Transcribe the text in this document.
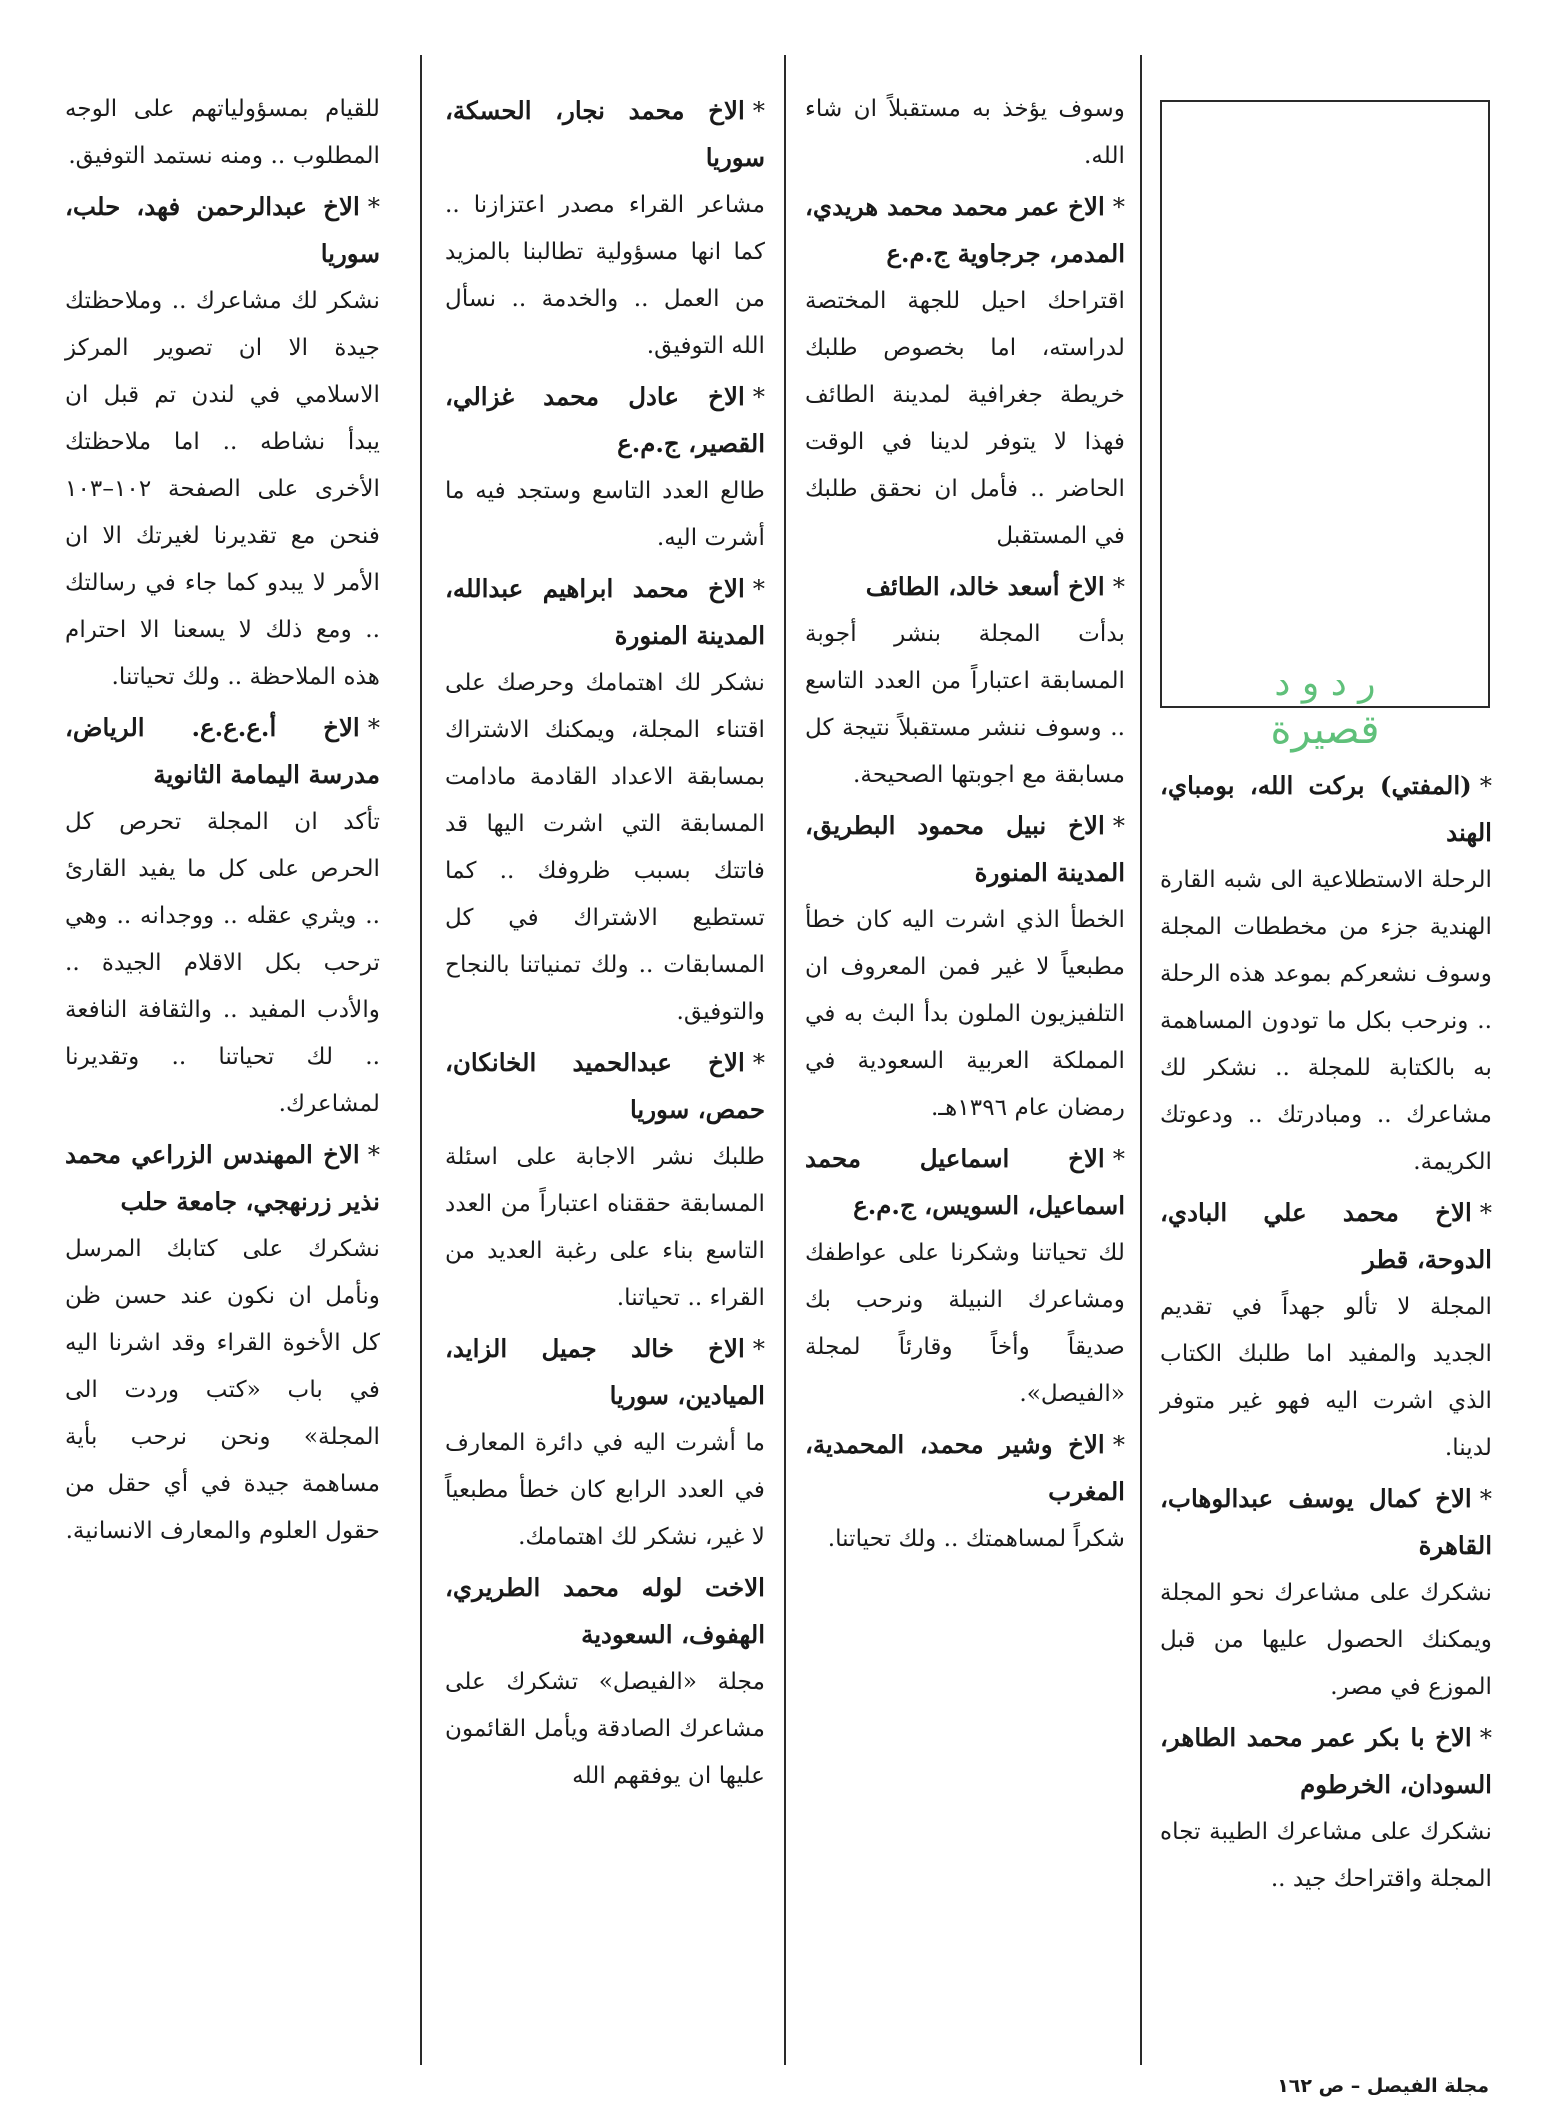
ر د و د
قصيرة
*(المفتي) بركت الله، بومباي، الهند

الرحلة الاستطلاعية الى شبه القارة الهندية جزء من مخططات المجلة وسوف نشعركم بموعد هذه الرحلة .. ونرحب بكل ما تودون المساهمة به بالكتابة للمجلة .. نشكر لك مشاعرك .. ومبادرتك .. ودعوتك الكريمة.

*الاخ محمد علي البادي، الدوحة، قطر

المجلة لا تألو جهداً في تقديم الجديد والمفيد اما طلبك الكتاب الذي اشرت اليه فهو غير متوفر لدينا.

*الاخ كمال يوسف عبدالوهاب، القاهرة

نشكرك على مشاعرك نحو المجلة ويمكنك الحصول عليها من قبل الموزع في مصر.

*الاخ با بكر عمر محمد الطاهر، السودان، الخرطوم

نشكرك على مشاعرك الطيبة تجاه المجلة واقتراحك جيد ..

وسوف يؤخذ به مستقبلاً ان شاء الله.

*الاخ عمر محمد محمد هريدي، المدمر، جرجاوية ج.م.ع

اقتراحك احيل للجهة المختصة لدراسته، اما بخصوص طلبك خريطة جغرافية لمدينة الطائف فهذا لا يتوفر لدينا في الوقت الحاضر .. فأمل ان نحقق طلبك في المستقبل

*الاخ أسعد خالد، الطائف

بدأت المجلة بنشر أجوبة المسابقة اعتباراً من العدد التاسع .. وسوف ننشر مستقبلاً نتيجة كل مسابقة مع اجوبتها الصحيحة.

*الاخ نبيل محمود البطريق، المدينة المنورة

الخطأ الذي اشرت اليه كان خطأ مطبعياً لا غير فمن المعروف ان التلفيزيون الملون بدأ البث به في المملكة العربية السعودية في رمضان عام ١٣٩٦هـ.

*الاخ اسماعيل محمد اسماعيل، السويس، ج.م.ع

لك تحياتنا وشكرنا على عواطفك ومشاعرك النبيلة ونرحب بك صديقاً وأخاً وقارئاً لمجلة «الفيصل».

*الاخ وشير محمد، المحمدية، المغرب

شكراً لمساهمتك .. ولك تحياتنا.

*الاخ محمد نجار، الحسكة، سوريا

مشاعر القراء مصدر اعتزازنا .. كما انها مسؤولية تطالبنا بالمزيد من العمل .. والخدمة .. نسأل الله التوفيق.

*الاخ عادل محمد غزالي، القصير، ج.م.ع

طالع العدد التاسع وستجد فيه ما أشرت اليه.

*الاخ محمد ابراهيم عبدالله، المدينة المنورة

نشكر لك اهتمامك وحرصك على اقتناء المجلة، ويمكنك الاشتراك بمسابقة الاعداد القادمة مادامت المسابقة التي اشرت اليها قد فاتتك بسبب ظروفك .. كما تستطيع الاشتراك في كل المسابقات .. ولك تمنياتنا بالنجاح والتوفيق.

*الاخ عبدالحميد الخانكان، حمص، سوريا

طلبك نشر الاجابة على اسئلة المسابقة حققناه اعتباراً من العدد التاسع بناء على رغبة العديد من القراء .. تحياتنا.

*الاخ خالد جميل الزايد، الميادين، سوريا

ما أشرت اليه في دائرة المعارف في العدد الرابع كان خطأ مطبعياً لا غير، نشكر لك اهتمامك.

الاخت لوله محمد الطريري، الهفوف، السعودية

مجلة «الفيصل» تشكرك على مشاعرك الصادقة ويأمل القائمون عليها ان يوفقهم الله

للقيام بمسؤولياتهم على الوجه المطلوب .. ومنه نستمد التوفيق.

*الاخ عبدالرحمن فهد، حلب، سوريا

نشكر لك مشاعرك .. وملاحظتك جيدة الا ان تصوير المركز الاسلامي في لندن تم قبل ان يبدأ نشاطه .. اما ملاحظتك الأخرى على الصفحة ١٠٢–١٠٣ فنحن مع تقديرنا لغيرتك الا ان الأمر لا يبدو كما جاء في رسالتك .. ومع ذلك لا يسعنا الا احترام هذه الملاحظة .. ولك تحياتنا.

*الاخ أ.ع.ع.ع. الرياض، مدرسة اليمامة الثانوية

تأكد ان المجلة تحرص كل الحرص على كل ما يفيد القارئ .. ويثري عقله .. ووجدانه .. وهي ترحب بكل الاقلام الجيدة .. والأدب المفيد .. والثقافة النافعة .. لك تحياتنا .. وتقديرنا لمشاعرك.

*الاخ المهندس الزراعي محمد نذير زرنهجي، جامعة حلب

نشكرك على كتابك المرسل ونأمل ان نكون عند حسن ظن كل الأخوة القراء وقد اشرنا اليه في باب «كتب وردت الى المجلة» ونحن نرحب بأية مساهمة جيدة في أي حقل من حقول العلوم والمعارف الانسانية.

مجلة الفيصل – ص ١٦٢
